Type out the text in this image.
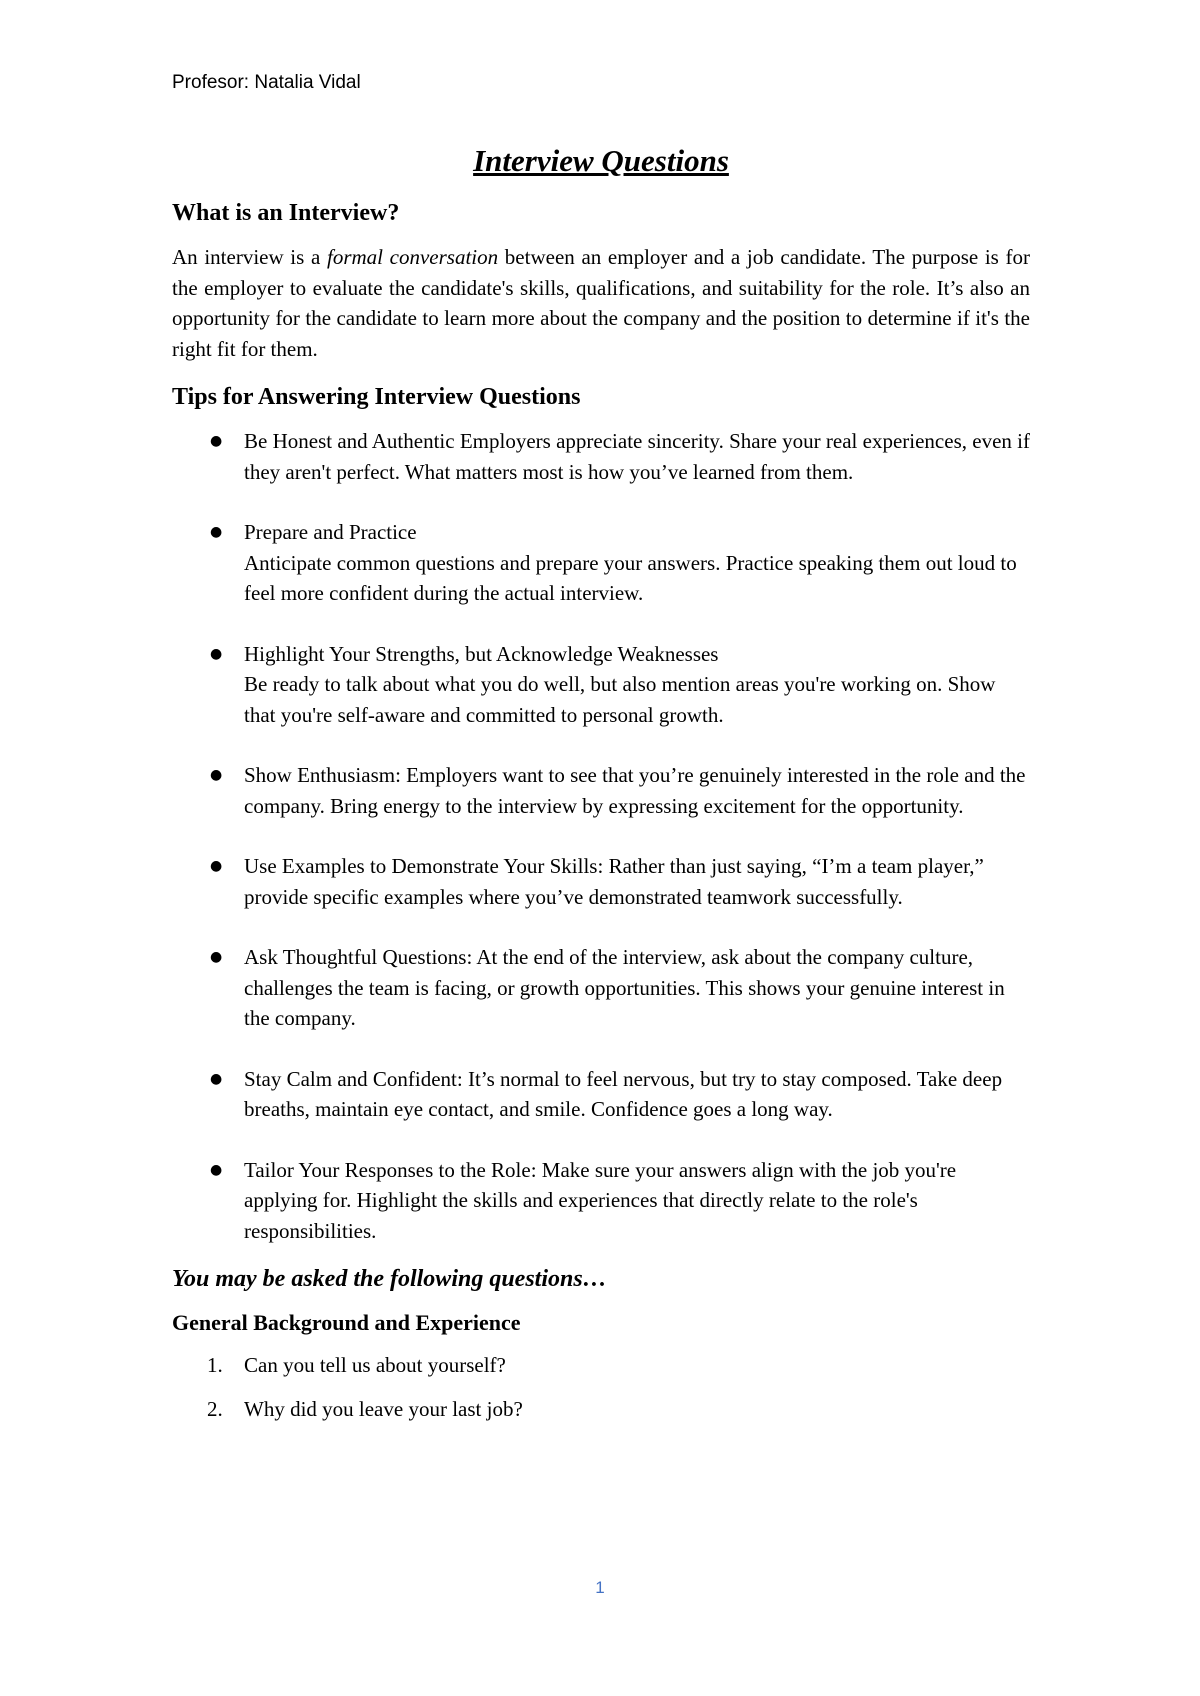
Profesor: Natalia Vidal
Interview Questions
What is an Interview?
An interview is a formal conversation between an employer and a job candidate. The purpose is for the employer to evaluate the candidate's skills, qualifications, and suitability for the role. It’s also an opportunity for the candidate to learn more about the company and the position to determine if it's the right fit for them.
Tips for Answering Interview Questions
● Be Honest and Authentic Employers appreciate sincerity. Share your real experiences, even if they aren't perfect. What matters most is how you’ve learned from them.
● Prepare and Practice
Anticipate common questions and prepare your answers. Practice speaking them out loud to feel more confident during the actual interview.
● Highlight Your Strengths, but Acknowledge Weaknesses
Be ready to talk about what you do well, but also mention areas you're working on. Show that you're self-aware and committed to personal growth.
● Show Enthusiasm: Employers want to see that you’re genuinely interested in the role and the company. Bring energy to the interview by expressing excitement for the opportunity.
● Use Examples to Demonstrate Your Skills: Rather than just saying, “I’m a team player,” provide specific examples where you’ve demonstrated teamwork successfully.
● Ask Thoughtful Questions: At the end of the interview, ask about the company culture, challenges the team is facing, or growth opportunities. This shows your genuine interest in the company.
● Stay Calm and Confident: It’s normal to feel nervous, but try to stay composed. Take deep breaths, maintain eye contact, and smile. Confidence goes a long way.
● Tailor Your Responses to the Role: Make sure your answers align with the job you're applying for. Highlight the skills and experiences that directly relate to the role's responsibilities.
You may be asked the following questions…
General Background and Experience
1. Can you tell us about yourself?
2. Why did you leave your last job?
1
